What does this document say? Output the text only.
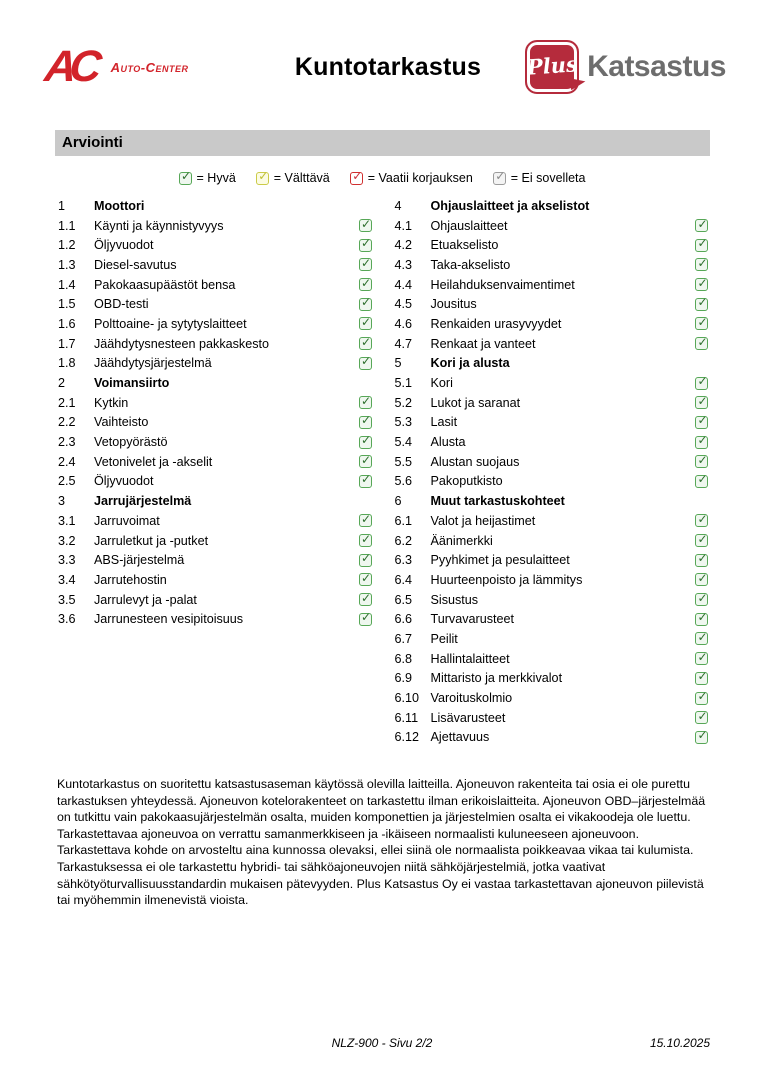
AC	Auto-Center	Kuntotarkastus	Plus Katsastus
Arviointi
✓ = Hyvä ✓ = Välttävä ✓ = Vaatii korjauksen ✓ = Ei sovelleta
1	Moottori
1.1	Käynti ja käynnistyvyys	✓
1.2	Öljyvuodot	✓
1.3	Diesel-savutus	✓
1.4	Pakokaasupäästöt bensa	✓
1.5	OBD-testi	✓
1.6	Polttoaine- ja sytytyslaitteet	✓
1.7	Jäähdytysnesteen pakkaskesto	✓
1.8	Jäähdytysjärjestelmä	✓
2	Voimansiirto
2.1	Kytkin	✓
2.2	Vaihteisto	✓
2.3	Vetopyörästö	✓
2.4	Vetonivelet ja -akselit	✓
2.5	Öljyvuodot	✓
3	Jarrujärjestelmä
3.1	Jarruvoimat	✓
3.2	Jarruletkut ja -putket	✓
3.3	ABS-järjestelmä	✓
3.4	Jarrutehostin	✓
3.5	Jarrulevyt ja -palat	✓
3.6	Jarrunesteen vesipitoisuus	✓
4	Ohjauslaitteet ja akselistot
4.1	Ohjauslaitteet	✓
4.2	Etuakselisto	✓
4.3	Taka-akselisto	✓
4.4	Heilahduksenvaimentimet	✓
4.5	Jousitus	✓
4.6	Renkaiden urasyvyydet	✓
4.7	Renkaat ja vanteet	✓
5	Kori ja alusta
5.1	Kori	✓
5.2	Lukot ja saranat	✓
5.3	Lasit	✓
5.4	Alusta	✓
5.5	Alustan suojaus	✓
5.6	Pakoputkisto	✓
6	Muut tarkastuskohteet
6.1	Valot ja heijastimet	✓
6.2	Äänimerkki	✓
6.3	Pyyhkimet ja pesulaitteet	✓
6.4	Huurteenpoisto ja lämmitys	✓
6.5	Sisustus	✓
6.6	Turvavarusteet	✓
6.7	Peilit	✓
6.8	Hallintalaitteet	✓
6.9	Mittaristo ja merkkivalot	✓
6.10 Varoituskolmio	✓
6.11 Lisävarusteet	✓
6.12 Ajettavuus	✓
Kuntotarkastus on suoritettu katsastusaseman käytössä olevilla laitteilla. Ajoneuvon rakenteita tai osia ei ole purettu tarkastuksen yhteydessä. Ajoneuvon kotelorakenteet on tarkastettu ilman erikoislaitteita. Ajoneuvon OBD–järjestelmää on tutkittu vain pakokaasujärjestelmän osalta, muiden komponettien ja järjestelmien osalta ei vikakoodeja ole luettu. Tarkastettavaa ajoneuvoa on verrattu samanmerkkiseen ja -ikäiseen normaalisti kuluneeseen ajoneuvoon. Tarkastettava kohde on arvosteltu aina kunnossa olevaksi, ellei siinä ole normaalista poikkeavaa vikaa tai kulumista. Tarkastuksessa ei ole tarkastettu hybridi- tai sähköajoneuvojen niitä sähköjärjestelmiä, jotka vaativat sähkötyöturvallisuusstandardin mukaisen pätevyyden. Plus Katsastus Oy ei vastaa tarkastettavan ajoneuvon piilevistä tai myöhemmin ilmenevistä vioista.
NLZ-900 - Sivu 2/2	15.10.2025
